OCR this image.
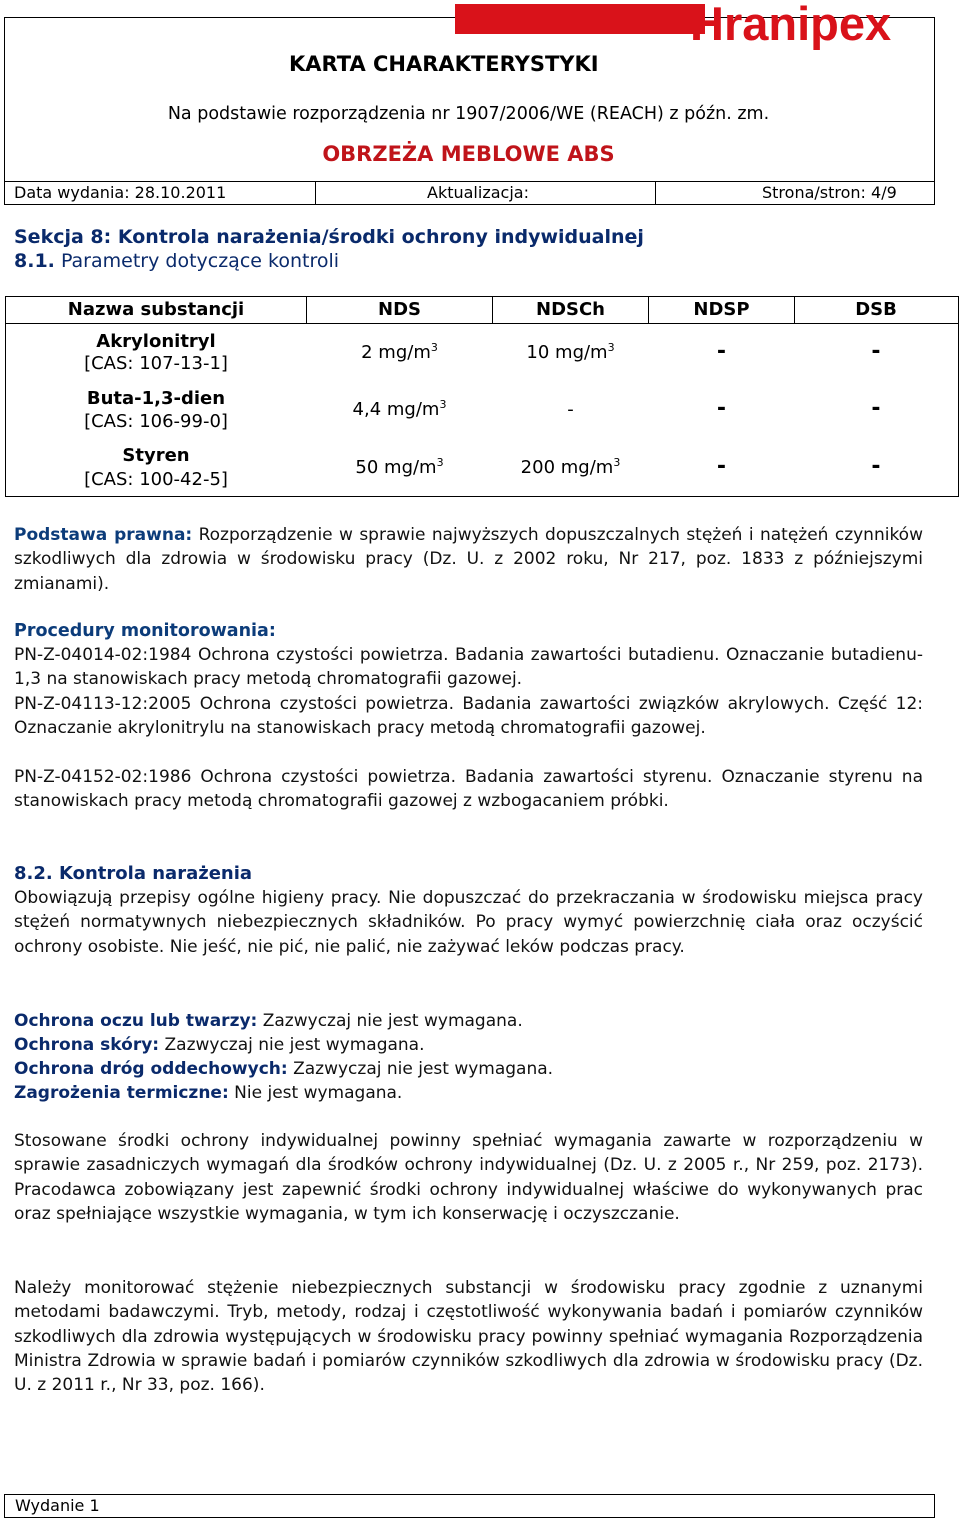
Hranipex
KARTA CHARAKTERYSTYKI
Na podstawie rozporządzenia nr 1907/2006/WE (REACH) z późn. zm.
OBRZEŻA MEBLOWE ABS
Data wydania: 28.10.2011	Aktualizacja:	Strona/stron: 4/9
Sekcja 8: Kontrola narażenia/środki ochrony indywidualnej
8.1. Parametry dotyczące kontroli
Nazwa substancji	NDS	NDSCh	NDSP	DSB
Akrylonitryl
[CAS: 107-13-1]
2 $mg/m^3$	10 $mg/m^3$	-	-
Buta-1,3-dien
[CAS: 106-99-0]
4,4 $mg/m^3$	-	-	-
Styren
[CAS: 100-42-5]
50 $mg/m^3$	200 $mg/m^3$	-	-
Podstawa prawna: Rozporządzenie w sprawie najwyższych dopuszczalnych stężeń i natężeń czynników szkodliwych dla zdrowia w środowisku pracy (Dz. U. z 2002 roku, Nr 217, poz. 1833 z późniejszymi zmianami).
Procedury monitorowania:
PN-Z-04014-02:1984 Ochrona czystości powietrza. Badania zawartości butadienu. Oznaczanie butadienu-1,3 na stanowiskach pracy metodą chromatografii gazowej.
PN-Z-04113-12:2005 Ochrona czystości powietrza. Badania zawartości związków akrylowych. Część 12: Oznaczanie akrylonitrylu na stanowiskach pracy metodą chromatografii gazowej.
PN-Z-04152-02:1986 Ochrona czystości powietrza. Badania zawartości styrenu. Oznaczanie styrenu na stanowiskach pracy metodą chromatografii gazowej z wzbogacaniem próbki.
8.2. Kontrola narażenia
Obowiązują przepisy ogólne higieny pracy. Nie dopuszczać do przekraczania w środowisku miejsca pracy stężeń normatywnych niebezpiecznych składników. Po pracy wymyć powierzchnię ciała oraz oczyścić ochrony osobiste. Nie jeść, nie pić, nie palić, nie zażywać leków podczas pracy.
Ochrona oczu lub twarzy: Zazwyczaj nie jest wymagana.
Ochrona skóry: Zazwyczaj nie jest wymagana.
Ochrona dróg oddechowych: Zazwyczaj nie jest wymagana.
Zagrożenia termiczne: Nie jest wymagana.
Stosowane środki ochrony indywidualnej powinny spełniać wymagania zawarte w rozporządzeniu w sprawie zasadniczych wymagań dla środków ochrony indywidualnej (Dz. U. z 2005 r., Nr 259, poz. 2173). Pracodawca zobowiązany jest zapewnić środki ochrony indywidualnej właściwe do wykonywanych prac oraz spełniające wszystkie wymagania, w tym ich konserwację i oczyszczanie.
Należy monitorować stężenie niebezpiecznych substancji w środowisku pracy zgodnie z uznanymi metodami badawczymi. Tryb, metody, rodzaj i częstotliwość wykonywania badań i pomiarów czynników szkodliwych dla zdrowia występujących w środowisku pracy powinny spełniać wymagania Rozporządzenia Ministra Zdrowia w sprawie badań i pomiarów czynników szkodliwych dla zdrowia w środowisku pracy (Dz. U. z 2011 r., Nr 33, poz. 166).
Wydanie 1
